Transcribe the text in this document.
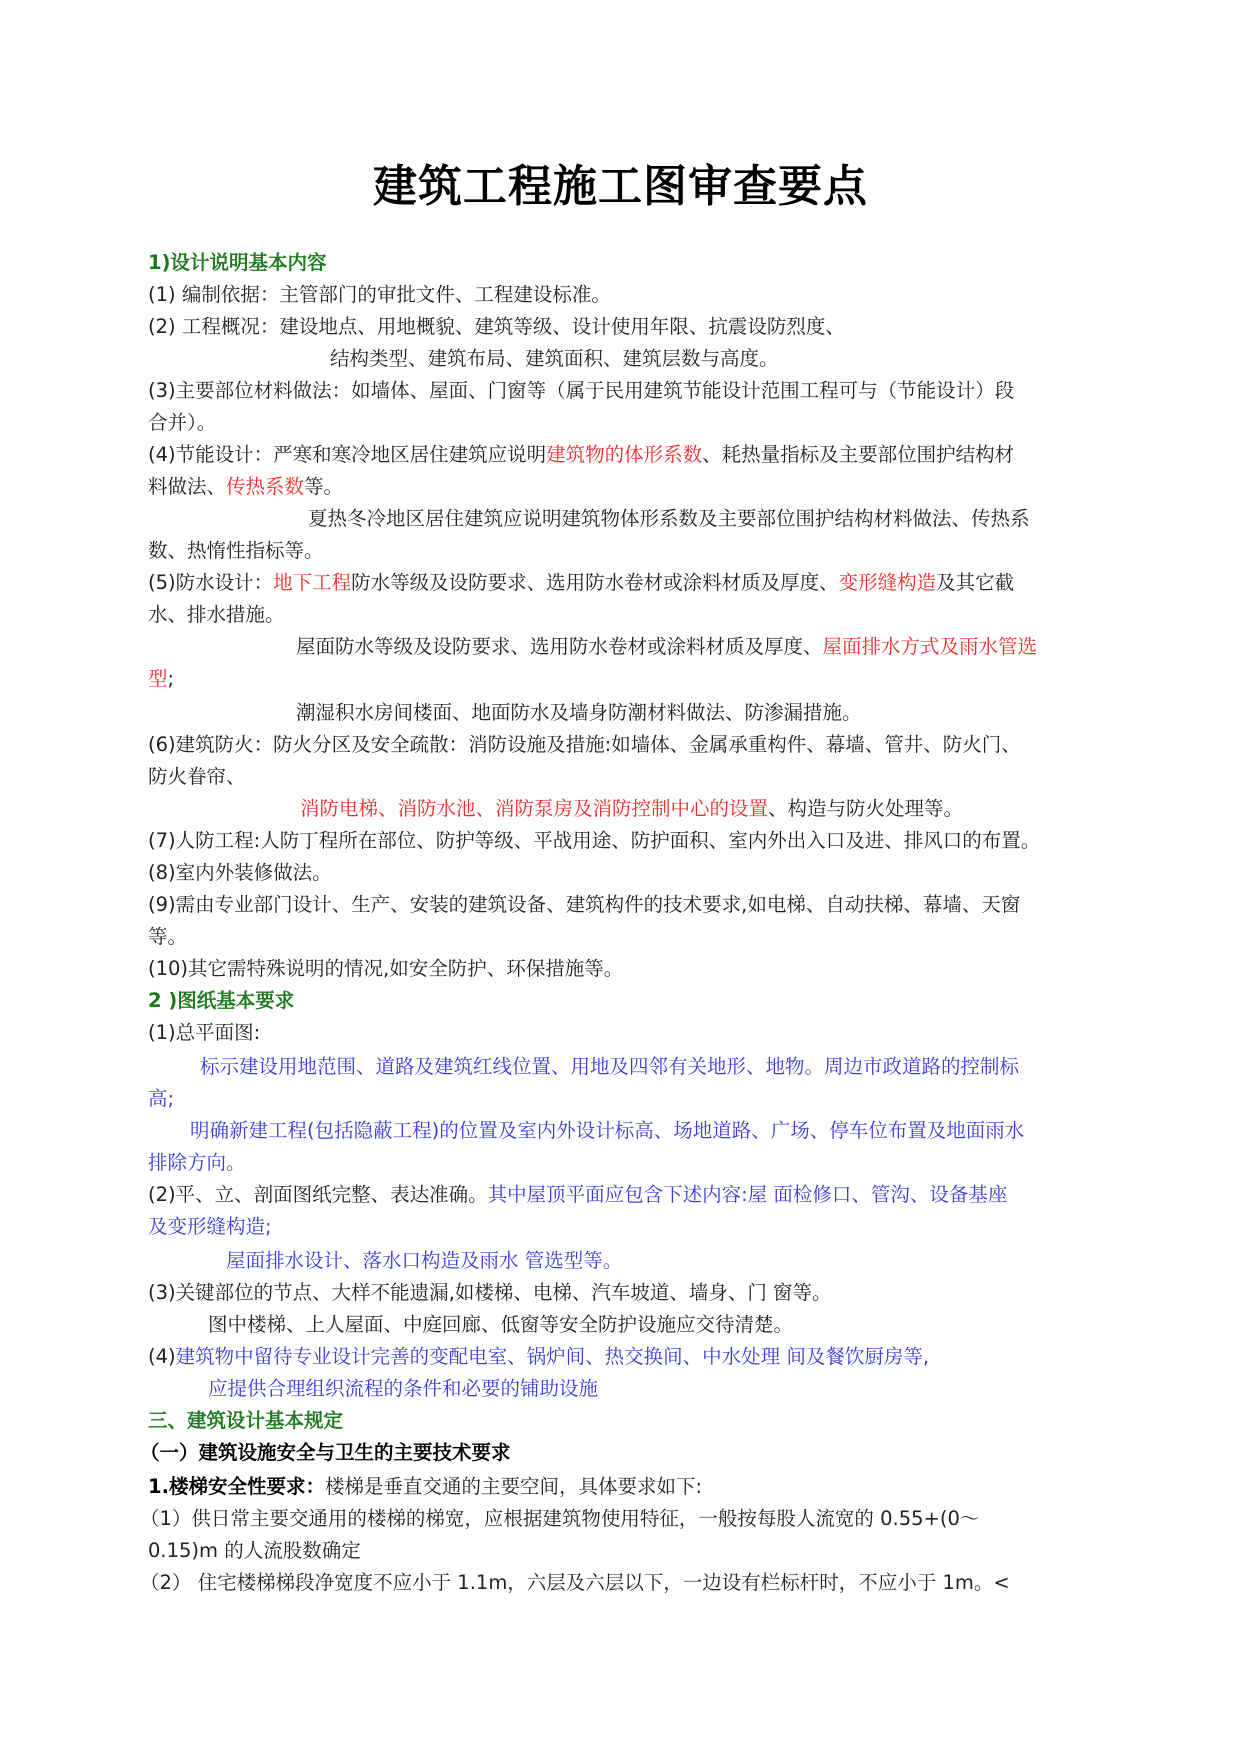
建筑工程施工图审查要点
1)设计说明基本内容
(1) 编制依据：主管部门的审批文件、工程建设标准。
(2) 工程概况：建设地点、用地概貌、建筑等级、设计使用年限、抗震设防烈度、
结构类型、建筑布局、建筑面积、建筑层数与高度。
(3)主要部位材料做法：如墙体、屋面、门窗等（属于民用建筑节能设计范围工程可与（节能设计）段
合并）。
(4)节能设计：严寒和寒冷地区居住建筑应说明建筑物的体形系数、耗热量指标及主要部位围护结构材
料做法、传热系数等。
夏热冬冷地区居住建筑应说明建筑物体形系数及主要部位围护结构材料做法、传热系
数、热惰性指标等。
(5)防水设计：地下工程防水等级及设防要求、选用防水卷材或涂料材质及厚度、变形缝构造及其它截
水、排水措施。
屋面防水等级及设防要求、选用防水卷材或涂料材质及厚度、屋面排水方式及雨水管选
型;
潮湿积水房间楼面、地面防水及墙身防潮材料做法、防渗漏措施。
(6)建筑防火：防火分区及安全疏散：消防设施及措施:如墙体、金属承重构件、幕墙、管井、防火门、
防火眷帘、
消防电梯、消防水池、消防泵房及消防控制中心的设置、构造与防火处理等。
(7)人防工程:人防丁程所在部位、防护等级、平战用途、防护面积、室内外出入口及进、排风口的布置。
(8)室内外装修做法。
(9)需由专业部门设计、生产、安装的建筑设备、建筑构件的技术要求,如电梯、自动扶梯、幕墙、天窗
等。
(10)其它需特殊说明的情况,如安全防护、环保措施等。
2 )图纸基本要求
(1)总平面图:
标示建设用地范围、道路及建筑红线位置、用地及四邻有关地形、地物。周边市政道路的控制标
高;
明确新建工程(包括隐蔽工程)的位置及室内外设计标高、场地道路、广场、停车位布置及地面雨水
排除方向。
(2)平、立、剖面图纸完整、表达准确。其中屋顶平面应包含下述内容:屋 面检修口、管沟、设备基座
及变形缝构造;
屋面排水设计、落水口构造及雨水 管选型等。
(3)关键部位的节点、大样不能遗漏,如楼梯、电梯、汽车坡道、墙身、门 窗等。
图中楼梯、上人屋面、中庭回廊、低窗等安全防护设施应交待清楚。
(4)建筑物中留待专业设计完善的变配电室、锅炉间、热交换间、中水处理 间及餐饮厨房等,
应提供合理组织流程的条件和必要的铺助设施
三、建筑设计基本规定
（一）建筑设施安全与卫生的主要技术要求
1.楼梯安全性要求：楼梯是垂直交通的主要空间，具体要求如下:
（1）供日常主要交通用的楼梯的梯宽，应根据建筑物使用特征，一般按每股人流宽的 0.55+(0～
0.15)m 的人流股数确定
（2） 住宅楼梯梯段净宽度不应小于 1.1m，六层及六层以下，一边设有栏标杆时，不应小于 1m。<
